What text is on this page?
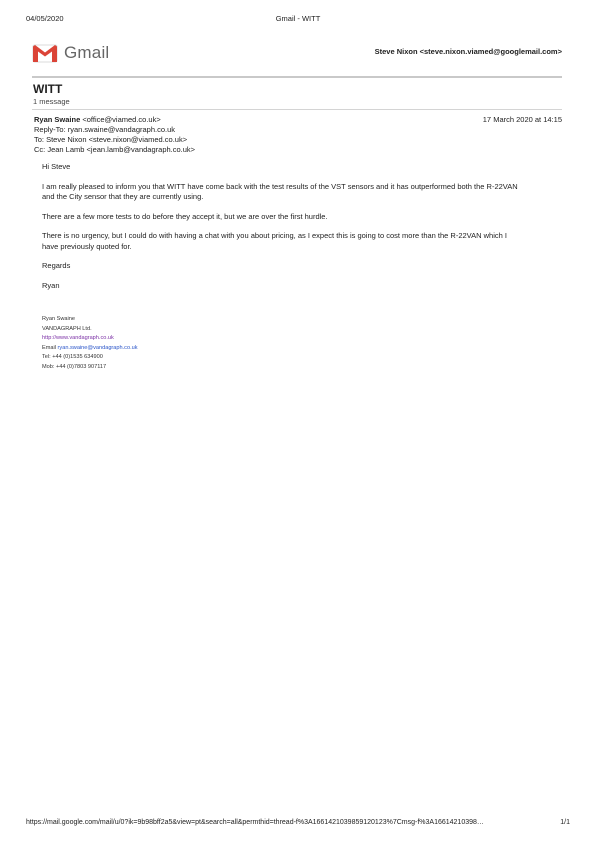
04/05/2020	Gmail - WITT
Gmail	Steve Nixon <steve.nixon.viamed@googlemail.com>
WITT
1 message
Ryan Swaine <office@viamed.co.uk>
Reply-To: ryan.swaine@vandagraph.co.uk
To: Steve Nixon <steve.nixon@viamed.co.uk>
Cc: Jean Lamb <jean.lamb@vandagraph.co.uk>
17 March 2020 at 14:15

Hi Steve

I am really pleased to inform you that WITT have come back with the test results of the VST sensors and it has outperformed both the R-22VAN and the City sensor that they are currently using.

There are a few more tests to do before they accept it, but we are over the first hurdle.

There is no urgency, but I could do with having a chat with you about pricing, as I expect this is going to cost more than the R-22VAN which I have previously quoted for.

Regards

Ryan

Ryan Swaine
VANDAGRAPH Ltd.
http://www.vandagraph.co.uk
Email ryan.swaine@vandagraph.co.uk
Tel: +44 (0)1535 634900
Mob: +44 (0)7803 907117
https://mail.google.com/mail/u/0?ik=9b98bff2a5&view=pt&search=all&permthid=thread-f%3A1661421039859120123%7Cmsg-f%3A16614210398…	1/1
